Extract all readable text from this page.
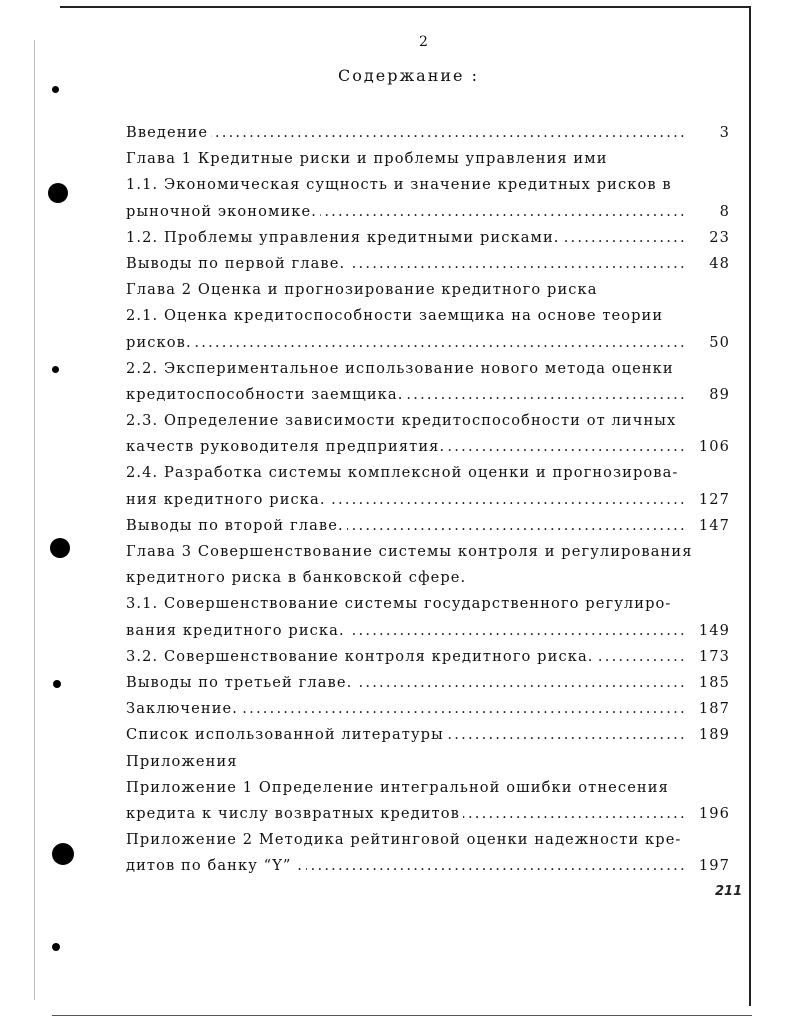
2
Содержание :
.....
Введение	3
Глава 1 Кредитные риски и проблемы управления ими
1.1. Экономическая сущность и значение кредитных рисков в
.....
рыночной экономике.	8
.....
1.2. Проблемы управления кредитными рисками.	23
.....
Выводы по первой главе.	48
Глава 2 Оценка и прогнозирование кредитного риска
2.1. Оценка кредитоспособности заемщика на основе теории
.....
рисков.	50
2.2. Экспериментальное использование нового метода оценки
.....
кредитоспособности заемщика.	89
2.3. Определение зависимости кредитоспособности от личных
.....
качеств руководителя предприятия.	106
2.4. Разработка системы комплексной оценки и прогнозирова-
.....
ния кредитного риска.	127
.....
Выводы по второй главе.	147
Глава 3 Совершенствование системы контроля и регулирования
кредитного риска в банковской сфере.
3.1. Совершенствование системы государственного регулиро-
.....
вания кредитного риска.	149
.....
3.2. Совершенствование контроля кредитного риска.	173
.....
Выводы по третьей главе.	185
.....
Заключение.	187
.....
Список использованной литературы	189
Приложения
Приложение 1 Определение интегральной ошибки отнесения
.....
кредита к числу возвратных кредитов	196
Приложение 2 Методика рейтинговой оценки надежности кре-
.....
дитов по банку “Y” .	197
211
